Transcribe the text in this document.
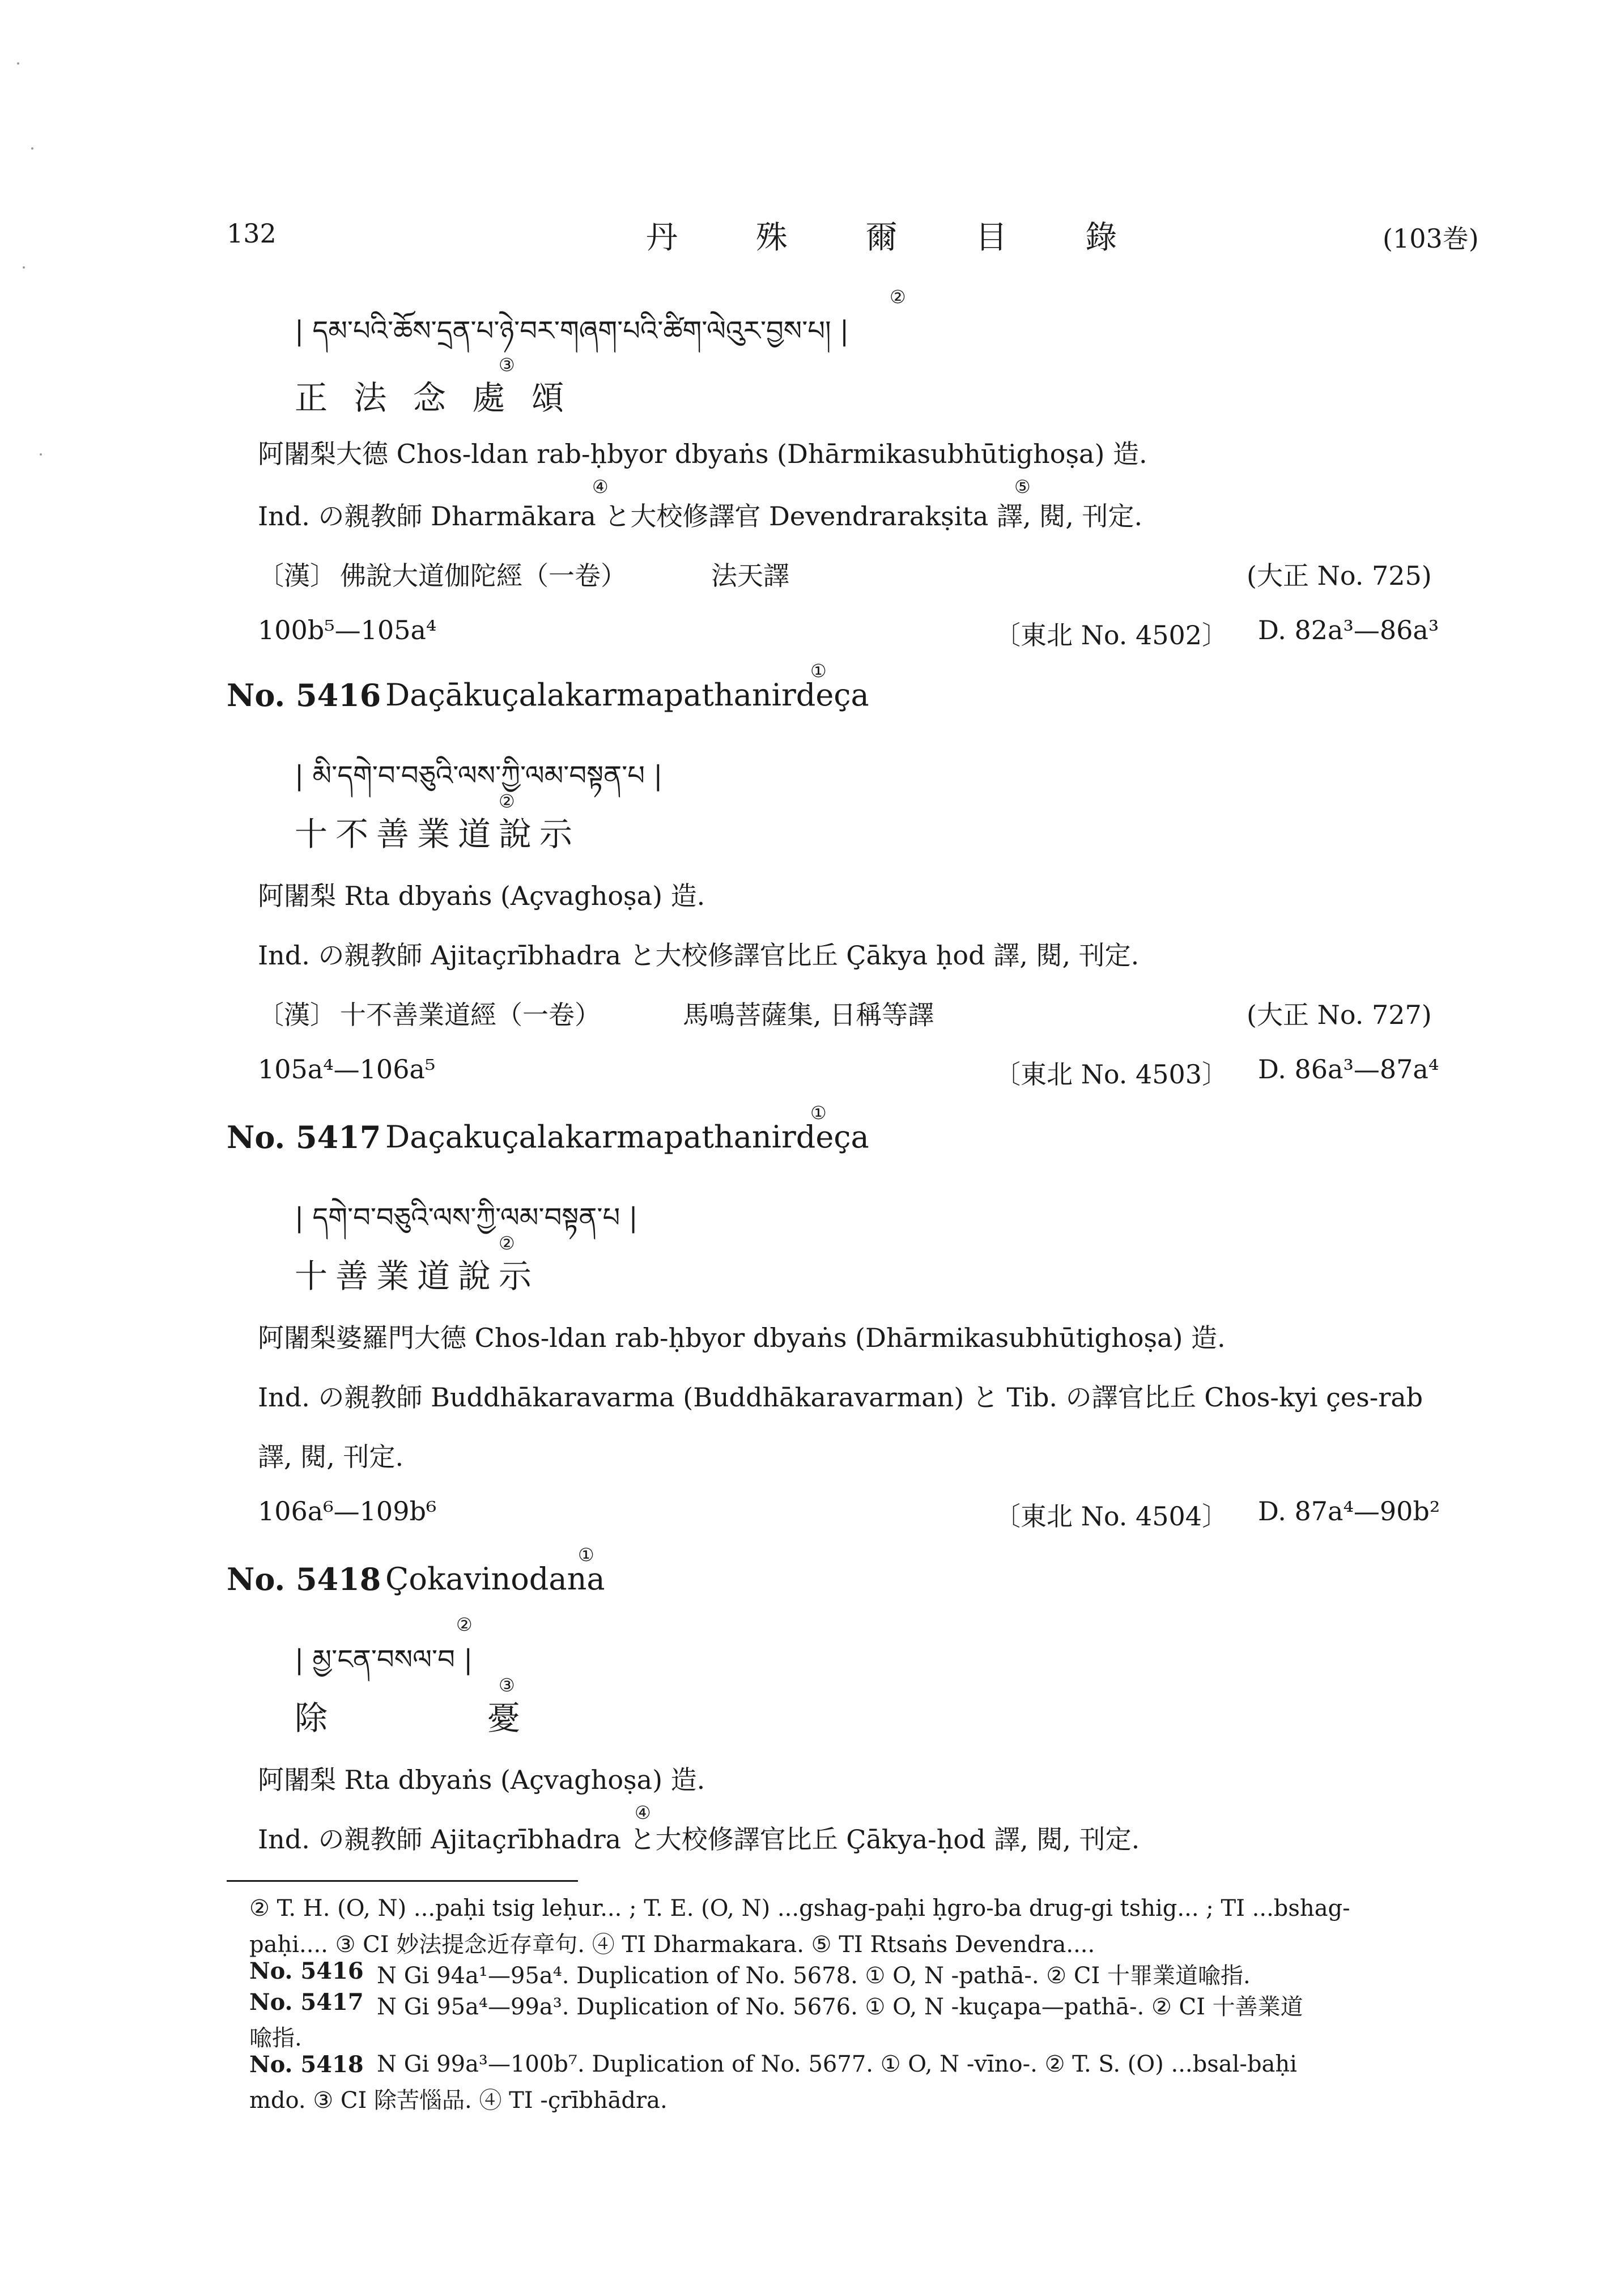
132	丹 殊 爾 目 錄	(103巻)
| དམ་པའི་ཆོས་དྲན་པ་ཉེ་བར་གཞག་པའི་ཚིག་ལེའུར་བྱས་པ། |
②
正 法 念 處 頌
③
阿闍梨大德 Chos-ldan rab-ḥbyor dbyaṅs (Dhārmikasubhūtighoṣa) 造.
④	⑤
Ind. の親教師 Dharmākara と大校修譯官 Devendrarakṣita 譯, 閱, 刊定.
〔漢〕 佛說大道伽陀經（一卷）	法天譯	(大正 No. 725)
100b⁵—105a⁴	〔東北 No. 4502〕 D. 82a³—86a³
①
No. 5416 Daçākuçalakarmapathanirdeça
| མི་དགེ་བ་བཅུའི་ལས་ཀྱི་ལམ་བསྟན་པ |
②
十不善業道說示
阿闍梨 Rta dbyaṅs (Açvaghoṣa) 造.
Ind. の親教師 Ajitaçrībhadra と大校修譯官比丘 Çākya ḥod 譯, 閱, 刊定.
〔漢〕 十不善業道經（一卷）	馬鳴菩薩集, 日稱等譯	(大正 No. 727)
105a⁴—106a⁵	〔東北 No. 4503〕 D. 86a³—87a⁴
①
No. 5417 Daçakuçalakarmapathanirdeça
| དགེ་བ་བཅུའི་ལས་ཀྱི་ལམ་བསྟན་པ |
②
十善業道說示
阿闍梨婆羅門大德 Chos-ldan rab-ḥbyor dbyaṅs (Dhārmikasubhūtighoṣa) 造.
Ind. の親教師 Buddhākaravarma (Buddhākaravarman) と Tib. の譯官比丘 Chos-kyi çes-rab
譯, 閱, 刊定.
106a⁶—109b⁶	〔東北 No. 4504〕 D. 87a⁴—90b²
①
No. 5418 Çokavinodana
| མྱ་ངན་བསལ་བ |
②
③
除	憂
阿闍梨 Rta dbyaṅs (Açvaghoṣa) 造.
④
Ind. の親教師 Ajitaçrībhadra と大校修譯官比丘 Çākya-ḥod 譯, 閱, 刊定.
② T. H. (O, N) ...paḥi tsig leḥur... ; T. E. (O, N) ...gshag-paḥi ḥgro-ba drug-gi tshig... ; TI ...bshag-
paḥi.... ③ CI 妙法提念近存章句. ④ TI Dharmakara. ⑤ TI Rtsaṅs Devendra....
No. 5416 N Gi 94a¹—95a⁴. Duplication of No. 5678. ① O, N -pathā-. ② CI 十罪業道喩指.
No. 5417 N Gi 95a⁴—99a³. Duplication of No. 5676. ① O, N -kuçapa—pathā-. ② CI 十善業道
喩指.
No. 5418 N Gi 99a³—100b⁷. Duplication of No. 5677. ① O, N -vīno-. ② T. S. (O) ...bsal-baḥi
mdo. ③ CI 除苦惱品. ④ TI -çrībhādra.
